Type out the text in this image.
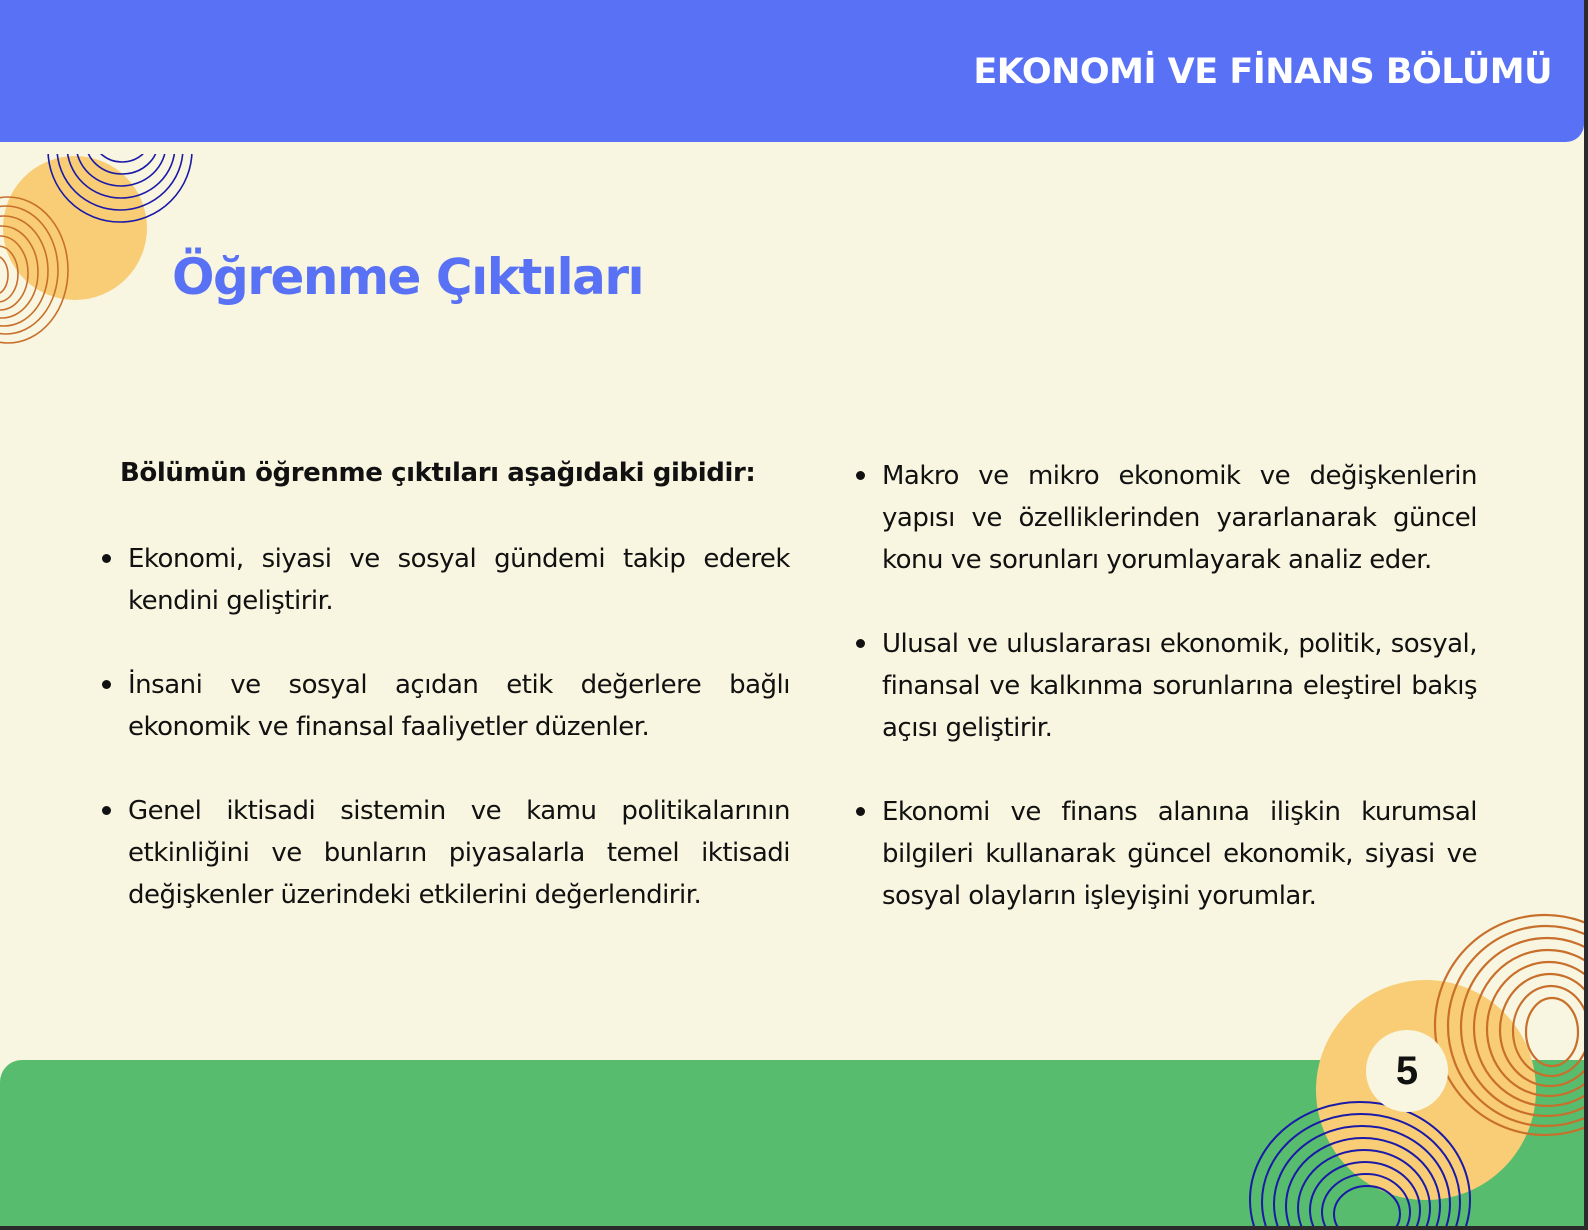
EKONOMİ VE FİNANS BÖLÜMÜ
Öğrenme Çıktıları
Bölümün öğrenme çıktıları aşağıdaki gibidir:
Ekonomi, siyasi ve sosyal gündemi takip ederek kendini geliştirir.
İnsani ve sosyal açıdan etik değerlere bağlı ekonomik ve finansal faaliyetler düzenler.
Genel iktisadi sistemin ve kamu politikalarının etkinliğini ve bunların piyasalarla temel iktisadi değişkenler üzerindeki etkilerini değerlendirir.
Makro ve mikro ekonomik ve değişkenlerin yapısı ve özelliklerinden yararlanarak güncel konu ve sorunları yorumlayarak analiz eder.
Ulusal ve uluslararası ekonomik, politik, sosyal, finansal ve kalkınma sorunlarına eleştirel bakış açısı geliştirir.
Ekonomi ve finans alanına ilişkin kurumsal bilgileri kullanarak güncel ekonomik, siyasi ve sosyal olayların işleyişini yorumlar.
5
